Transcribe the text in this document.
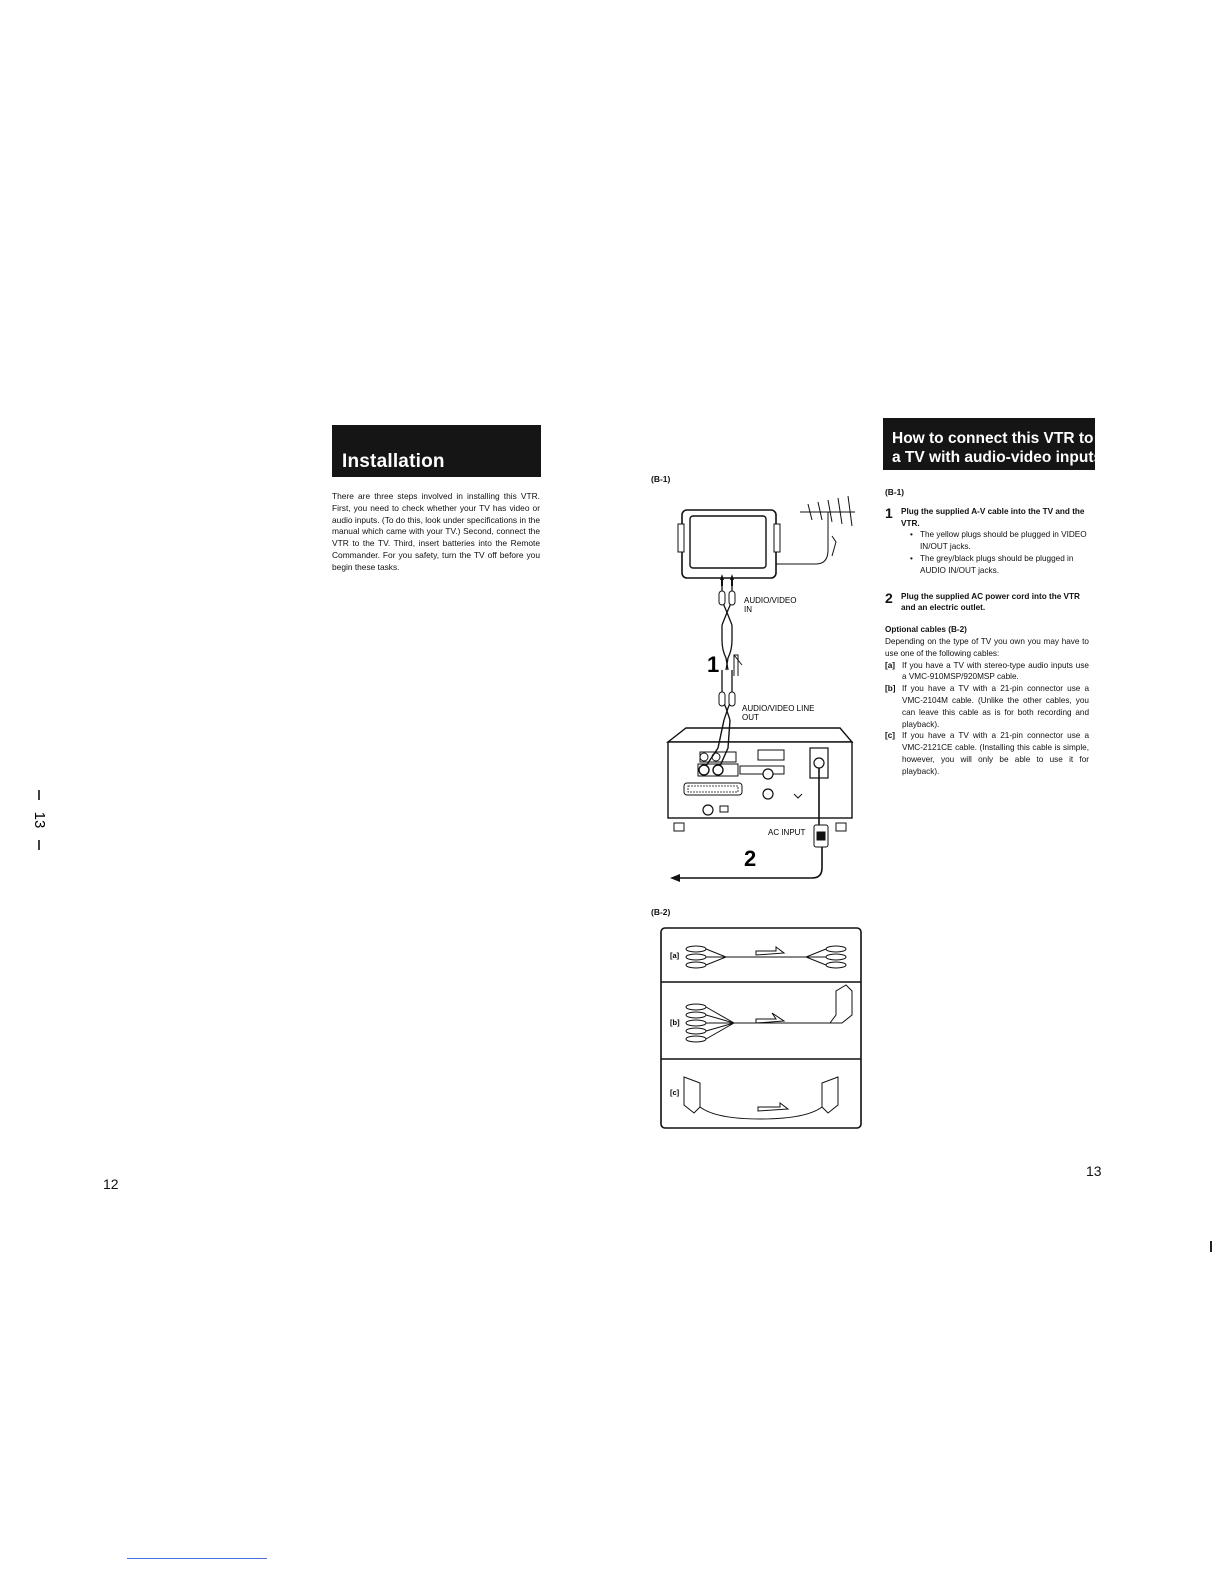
13
Installation
There are three steps involved in installing this VTR. First, you need to check whether your TV has video or audio inputs. (To do this, look under specifications in the manual which came with your TV.) Second, connect the VTR to the TV. Third, insert batteries into the Remote Commander. For you safety, turn the TV off before you begin these tasks.
12
(B-1)
AUDIO/VIDEO
IN
1
AUDIO/VIDEO LINE
OUT
AC INPUT
2
(B-2)
[a]
[b]
[c]
How to connect this VTR to
a TV with audio-video inputs
(B-1)
1	Plug the supplied A-V cable into the TV and the VTR.
• The yellow plugs should be plugged in VIDEO IN/OUT jacks.
• The grey/black plugs should be plugged in AUDIO IN/OUT jacks.
2	Plug the supplied AC power cord into the VTR and an electric outlet.
Optional cables (B-2)
Depending on the type of TV you own you may have to use one of the following cables:
[a] If you have a TV with stereo-type audio inputs use a VMC-910MSP/920MSP cable.
[b] If you have a TV with a 21-pin connector use a VMC-2104M cable. (Unlike the other cables, you can leave this cable as is for both recording and playback).
[c] If you have a TV with a 21-pin connector use a VMC-2121CE cable. (Installing this cable is simple, however, you will only be able to use it for playback).
13
